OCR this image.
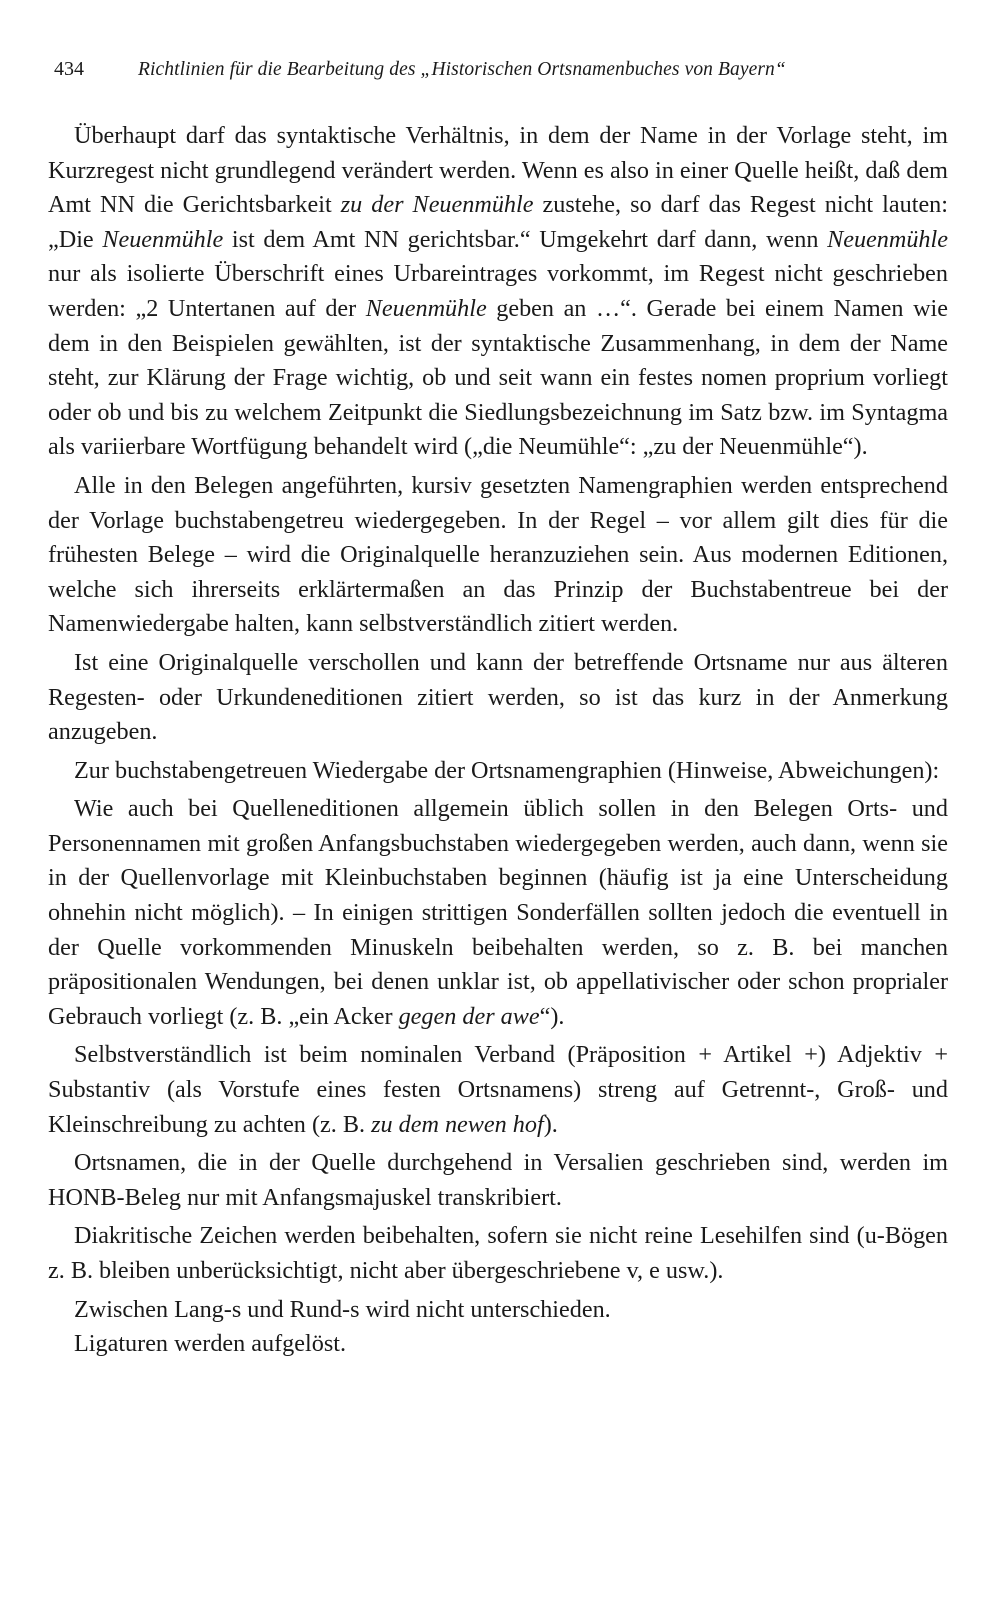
434	Richtlinien für die Bearbeitung des „Historischen Ortsnamenbuches von Bayern“

Überhaupt darf das syntaktische Verhältnis, in dem der Name in der Vorlage steht, im Kurzregest nicht grundlegend verändert werden. Wenn es also in einer Quelle heißt, daß dem Amt NN die Gerichtsbarkeit zu der Neuenmühle zustehe, so darf das Regest nicht lauten: „Die Neuenmühle ist dem Amt NN gerichtsbar.“ Umgekehrt darf dann, wenn Neuenmühle nur als isolierte Überschrift eines Urbareintrages vorkommt, im Regest nicht geschrieben werden: „2 Untertanen auf der Neuenmühle geben an …“. Gerade bei einem Namen wie dem in den Beispielen gewählten, ist der syntaktische Zusammenhang, in dem der Name steht, zur Klärung der Frage wichtig, ob und seit wann ein festes nomen proprium vorliegt oder ob und bis zu welchem Zeitpunkt die Siedlungsbezeichnung im Satz bzw. im Syntagma als variierbare Wortfügung behandelt wird („die Neumühle“: „zu der Neuenmühle“).

Alle in den Belegen angeführten, kursiv gesetzten Namengraphien werden entsprechend der Vorlage buchstabengetreu wiedergegeben. In der Regel – vor allem gilt dies für die frühesten Belege – wird die Originalquelle heranzuziehen sein. Aus modernen Editionen, welche sich ihrerseits erklärtermaßen an das Prinzip der Buchstabentreue bei der Namenwiedergabe halten, kann selbstverständlich zitiert werden.

Ist eine Originalquelle verschollen und kann der betreffende Ortsname nur aus älteren Regesten- oder Urkundeneditionen zitiert werden, so ist das kurz in der Anmerkung anzugeben.

Zur buchstabengetreuen Wiedergabe der Ortsnamengraphien (Hinweise, Abweichungen):

Wie auch bei Quelleneditionen allgemein üblich sollen in den Belegen Orts- und Personennamen mit großen Anfangsbuchstaben wiedergegeben werden, auch dann, wenn sie in der Quellenvorlage mit Kleinbuchstaben beginnen (häufig ist ja eine Unterscheidung ohnehin nicht möglich). – In einigen strittigen Sonderfällen sollten jedoch die eventuell in der Quelle vorkommenden Minuskeln beibehalten werden, so z. B. bei manchen präpositionalen Wendungen, bei denen unklar ist, ob appellativischer oder schon proprialer Gebrauch vorliegt (z. B. „ein Acker gegen der awe“).

Selbstverständlich ist beim nominalen Verband (Präposition + Artikel +) Adjektiv + Substantiv (als Vorstufe eines festen Ortsnamens) streng auf Getrennt-, Groß- und Kleinschreibung zu achten (z. B. zu dem newen hof).

Ortsnamen, die in der Quelle durchgehend in Versalien geschrieben sind, werden im HONB-Beleg nur mit Anfangsmajuskel transkribiert.

Diakritische Zeichen werden beibehalten, sofern sie nicht reine Lesehilfen sind (u-Bögen z. B. bleiben unberücksichtigt, nicht aber übergeschriebene v, e usw.).

Zwischen Lang-s und Rund-s wird nicht unterschieden.

Ligaturen werden aufgelöst.
